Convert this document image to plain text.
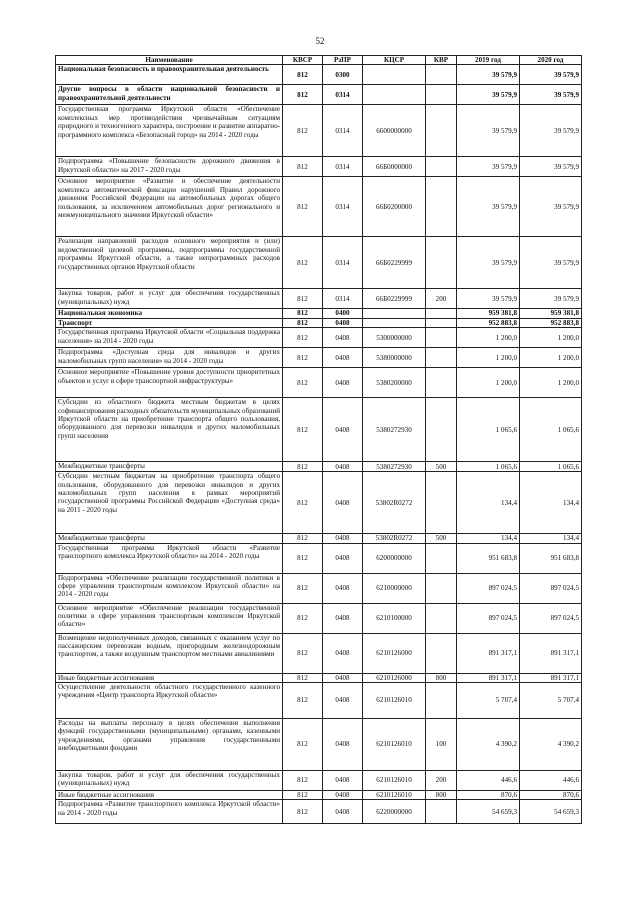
52
Наименование	КВСР	РзПР	КЦСР	КВР	2019 год	2020 год
Национальная безопасность и правоохранительная деятельность	812	0300			39 579,9	39 579,9
Другие вопросы в области национальной безопасности и правоохранительной деятельности	812	0314			39 579,9	39 579,9
Государственная программа Иркутской области «Обеспечение комплексных мер противодействия чрезвычайным ситуациям природного и техногенного характера, построение и развитие аппаратно-программного комплекса «Безопасный город» на 2014 - 2020 годы	812	0314	6600000000		39 579,9	39 579,9
Подпрограмма «Повышение безопасности дорожного движения в Иркутской области» на 2017 - 2020 годы	812	0314	66Б0000000		39 579,9	39 579,9
Основное мероприятие «Развитие и обеспечение деятельности комплекса автоматической фиксации нарушений Правил дорожного движения Российской Федерации на автомобильных дорогах общего пользования, за исключением автомобильных дорог регионального и межмуниципального значения Иркутской области»	812	0314	66Б0200000		39 579,9	39 579,9
Реализация направлений расходов основного мероприятия и (или) ведомственной целевой программы, подпрограммы государственной программы Иркутской области, а также непрограммных расходов государственных органов Иркутской области	812	0314	66Б0229999		39 579,9	39 579,9
Закупка товаров, работ и услуг для обеспечения государственных (муниципальных) нужд	812	0314	66Б0229999	200	39 579,9	39 579,9
Национальная экономика	812	0400			959 381,8	959 381,8
Транспорт	812	0408			952 883,8	952 883,8
Государственная программа Иркутской области «Социальная поддержка населения» на 2014 - 2020 годы	812	0408	5300000000		1 200,0	1 200,0
Подпрограмма «Доступная среда для инвалидов и других маломобильных групп населения» на 2014 - 2020 годы	812	0408	5380000000		1 200,0	1 200,0
Основное мероприятие «Повышение уровня доступности приоритетных объектов и услуг в сфере транспортной инфраструктуры»	812	0408	5380200000		1 200,0	1 200,0
Субсидии из областного бюджета местным бюджетам в целях софинансирования расходных обязательств муниципальных образований Иркутской области на приобретение транспорта общего пользования, оборудованного для перевозки инвалидов и других маломобильных групп населения	812	0408	5380272930		1 065,6	1 065,6
Межбюджетные трансферты	812	0408	5380272930	500	1 065,6	1 065,6
Субсидии местным бюджетам на приобретение транспорта общего пользования, оборудованного для перевозки инвалидов и других маломобильных групп населения в рамках мероприятий государственной программы Российской Федерации «Доступная среда» на 2011 - 2020 годы	812	0408	53802R0272		134,4	134,4
Межбюджетные трансферты	812	0408	53802R0272	500	134,4	134,4
Государственная программа Иркутской области «Развитие транспортного комплекса Иркутской области» на 2014 - 2020 годы	812	0408	6200000000		951 683,8	951 683,8
Подпрограмма «Обеспечение реализации государственной политики в сфере управления транспортным комплексом Иркутской области» на 2014 - 2020 годы	812	0408	6210000000		897 024,5	897 024,5
Основное мероприятие «Обеспечение реализации государственной политики в сфере управления транспортным комплексом Иркутской области»	812	0408	6210100000		897 024,5	897 024,5
Возмещение недополученных доходов, связанных с оказанием услуг по пассажирским перевозкам водным, пригородным железнодорожным транспортом, а также воздушным транспортом местными авиалиниями	812	0408	6210126000		891 317,1	891 317,1
Иные бюджетные ассигнования	812	0408	6210126000	800	891 317,1	891 317,1
Осуществление деятельности областного государственного казенного учреждения «Центр транспорта Иркутской области»	812	0408	6210126010		5 707,4	5 707,4
Расходы на выплаты персоналу в целях обеспечения выполнения функций государственными (муниципальными) органами, казенными учреждениями, органами управления государственными внебюджетными фондами	812	0408	6210126010	100	4 390,2	4 390,2
Закупка товаров, работ и услуг для обеспечения государственных (муниципальных) нужд	812	0408	6210126010	200	446,6	446,6
Иные бюджетные ассигнования	812	0408	6210126010	800	870,6	870,6
Подпрограмма «Развитие транспортного комплекса Иркутской области» на 2014 - 2020 годы	812	0408	6220000000		54 659,3	54 659,3
